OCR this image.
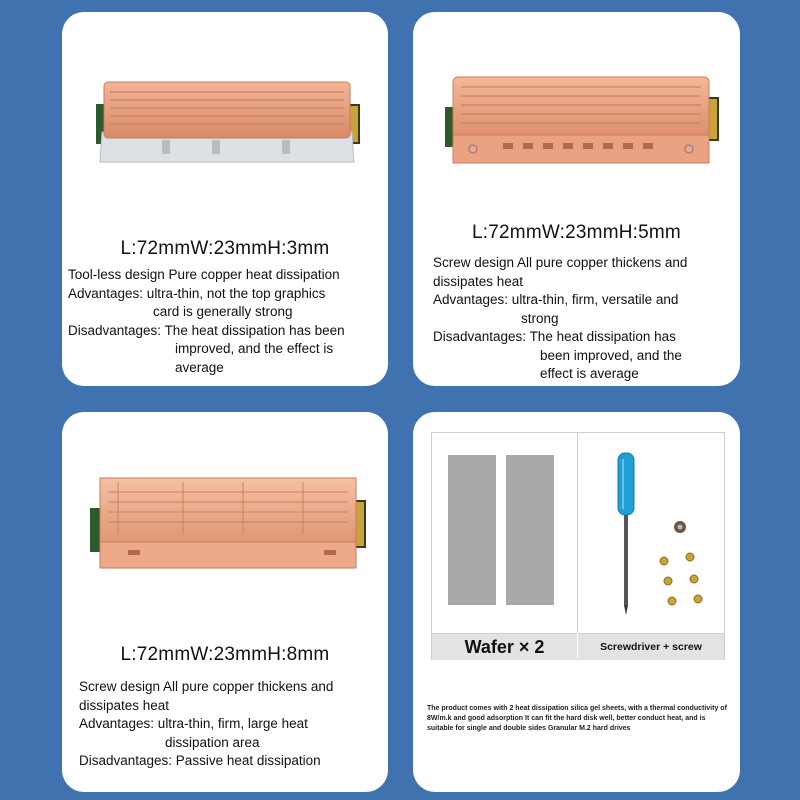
L:72mmW:23mmH:3mm
Tool-less design Pure copper heat dissipation
Advantages: ultra-thin, not the top graphics
card is generally strong
Disadvantages: The heat dissipation has been
improved, and the effect is
average
L:72mmW:23mmH:5mm
Screw design All pure copper thickens and
dissipates heat
Advantages: ultra-thin, firm, versatile and
strong
Disadvantages: The heat dissipation has
been improved, and the
effect is average
L:72mmW:23mmH:8mm
Screw design All pure copper thickens and
dissipates heat
Advantages: ultra-thin, firm, large heat
dissipation area
Disadvantages: Passive heat dissipation
Wafer × 2	Screwdriver + screw
The product comes with 2 heat dissipation silica gel sheets, with a thermal conductivity of 8W/m.k and good adsorption It can fit the hard disk well, better conduct heat, and is suitable for single and double sides Granular M.2 hard drives
